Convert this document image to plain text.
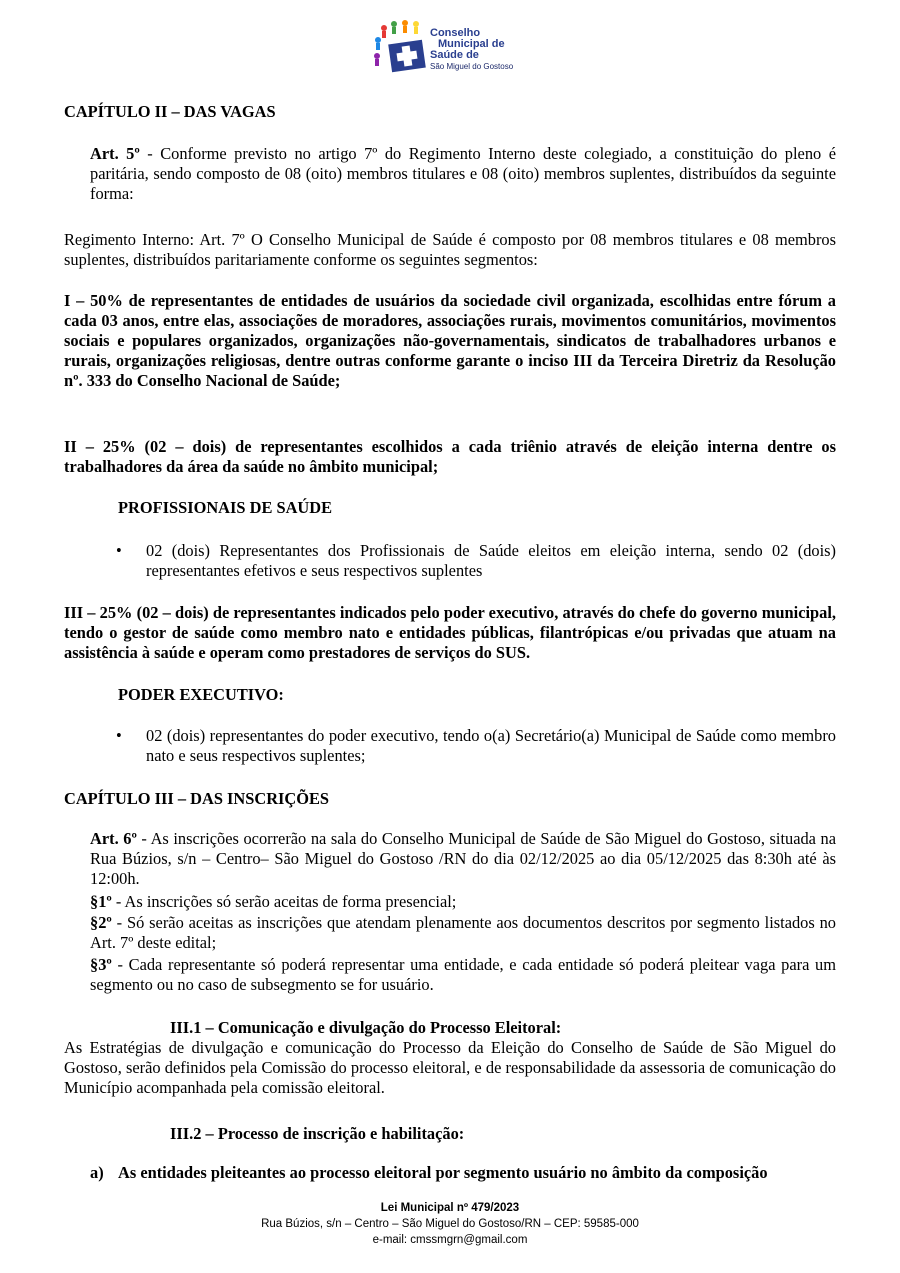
Conselho
Municipal de
Saúde de
São Miguel do Gostoso
CAPÍTULO II – DAS VAGAS
Art. 5º - Conforme previsto no artigo 7º do Regimento Interno deste colegiado, a constituição do pleno é paritária, sendo composto de 08 (oito) membros titulares e 08 (oito) membros suplentes, distribuídos da seguinte forma:
Regimento Interno: Art. 7º O Conselho Municipal de Saúde é composto por 08 membros titulares e 08 membros suplentes, distribuídos paritariamente conforme os seguintes segmentos:
I – 50% de representantes de entidades de usuários da sociedade civil organizada, escolhidas entre fórum a cada 03 anos, entre elas, associações de moradores, associações rurais, movimentos comunitários, movimentos sociais e populares organizados, organizações não-governamentais, sindicatos de trabalhadores urbanos e rurais, organizações religiosas, dentre outras conforme garante o inciso III da Terceira Diretriz da Resolução nº. 333 do Conselho Nacional de Saúde;
II – 25% (02 – dois) de representantes escolhidos a cada triênio através de eleição interna dentre os trabalhadores da área da saúde no âmbito municipal;
PROFISSIONAIS DE SAÚDE
• 02 (dois) Representantes dos Profissionais de Saúde eleitos em eleição interna, sendo 02 (dois) representantes efetivos e seus respectivos suplentes
III – 25% (02 – dois) de representantes indicados pelo poder executivo, através do chefe do governo municipal, tendo o gestor de saúde como membro nato e entidades públicas, filantrópicas e/ou privadas que atuam na assistência à saúde e operam como prestadores de serviços do SUS.
PODER EXECUTIVO:
• 02 (dois) representantes do poder executivo, tendo o(a) Secretário(a) Municipal de Saúde como membro nato e seus respectivos suplentes;
CAPÍTULO III – DAS INSCRIÇÕES
Art. 6º - As inscrições ocorrerão na sala do Conselho Municipal de Saúde de São Miguel do Gostoso, situada na Rua Búzios, s/n – Centro– São Miguel do Gostoso /RN do dia 02/12/2025 ao dia 05/12/2025 das 8:30h até às 12:00h.
§1º - As inscrições só serão aceitas de forma presencial;
§2º - Só serão aceitas as inscrições que atendam plenamente aos documentos descritos por segmento listados no Art. 7º deste edital;
§3º - Cada representante só poderá representar uma entidade, e cada entidade só poderá pleitear vaga para um segmento ou no caso de subsegmento se for usuário.
III.1 – Comunicação e divulgação do Processo Eleitoral:
As Estratégias de divulgação e comunicação do Processo da Eleição do Conselho de Saúde de São Miguel do Gostoso, serão definidos pela Comissão do processo eleitoral, e de responsabilidade da assessoria de comunicação do Município acompanhada pela comissão eleitoral.
III.2 – Processo de inscrição e habilitação:
a) As entidades pleiteantes ao processo eleitoral por segmento usuário no âmbito da composição
Lei Municipal nº 479/2023
Rua Búzios, s/n – Centro – São Miguel do Gostoso/RN – CEP: 59585-000
e-mail: cmssmgrn@gmail.com
